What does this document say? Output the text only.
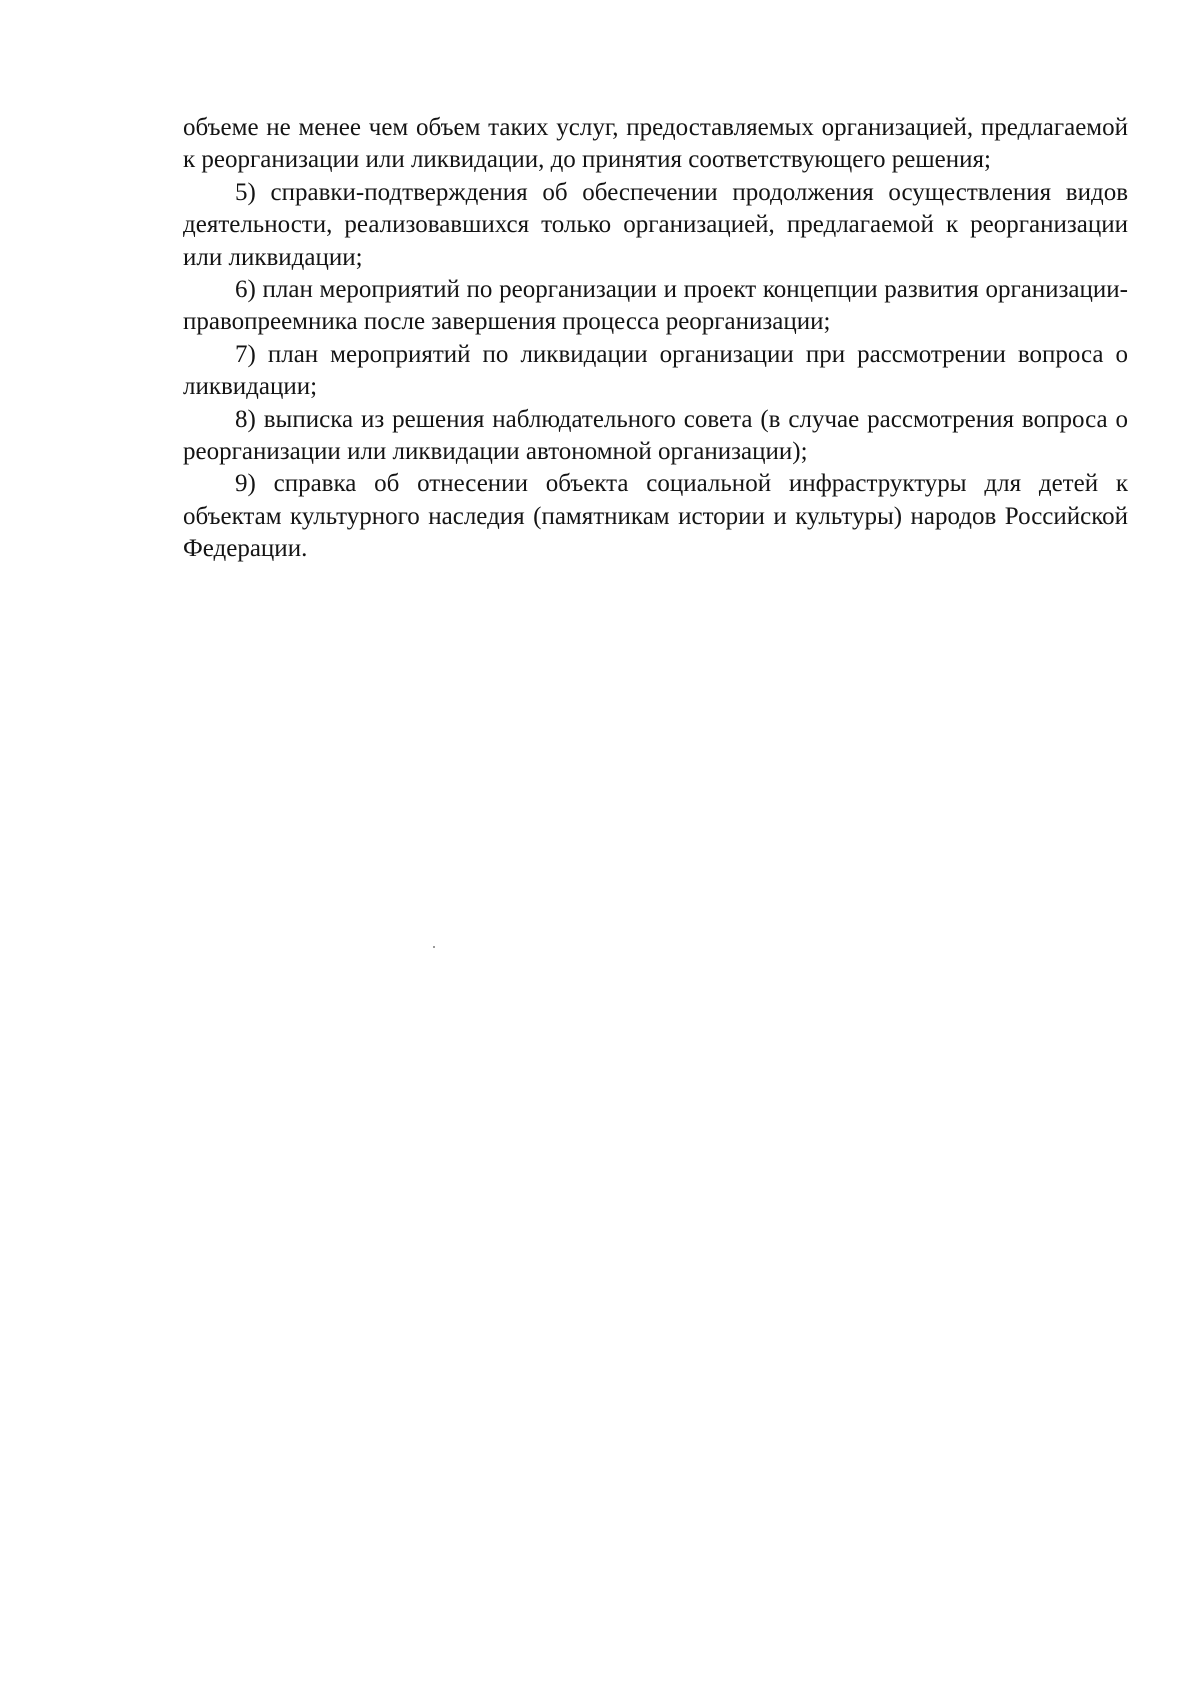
объеме не менее чем объем таких услуг, предоставляемых организацией, предлагаемой к реорганизации или ликвидации, до принятия соответствующего решения;

5) справки-подтверждения об обеспечении продолжения осуществления видов деятельности, реализовавшихся только организацией, предлагаемой к реорганизации или ликвидации;

6) план мероприятий по реорганизации и проект концепции развития организации-правопреемника после завершения процесса реорганизации;

7) план мероприятий по ликвидации организации при рассмотрении вопроса о ликвидации;

8) выписка из решения наблюдательного совета (в случае рассмотрения вопроса о реорганизации или ликвидации автономной организации);

9) справка об отнесении объекта социальной инфраструктуры для детей к объектам культурного наследия (памятникам истории и культуры) народов Российской Федерации.
